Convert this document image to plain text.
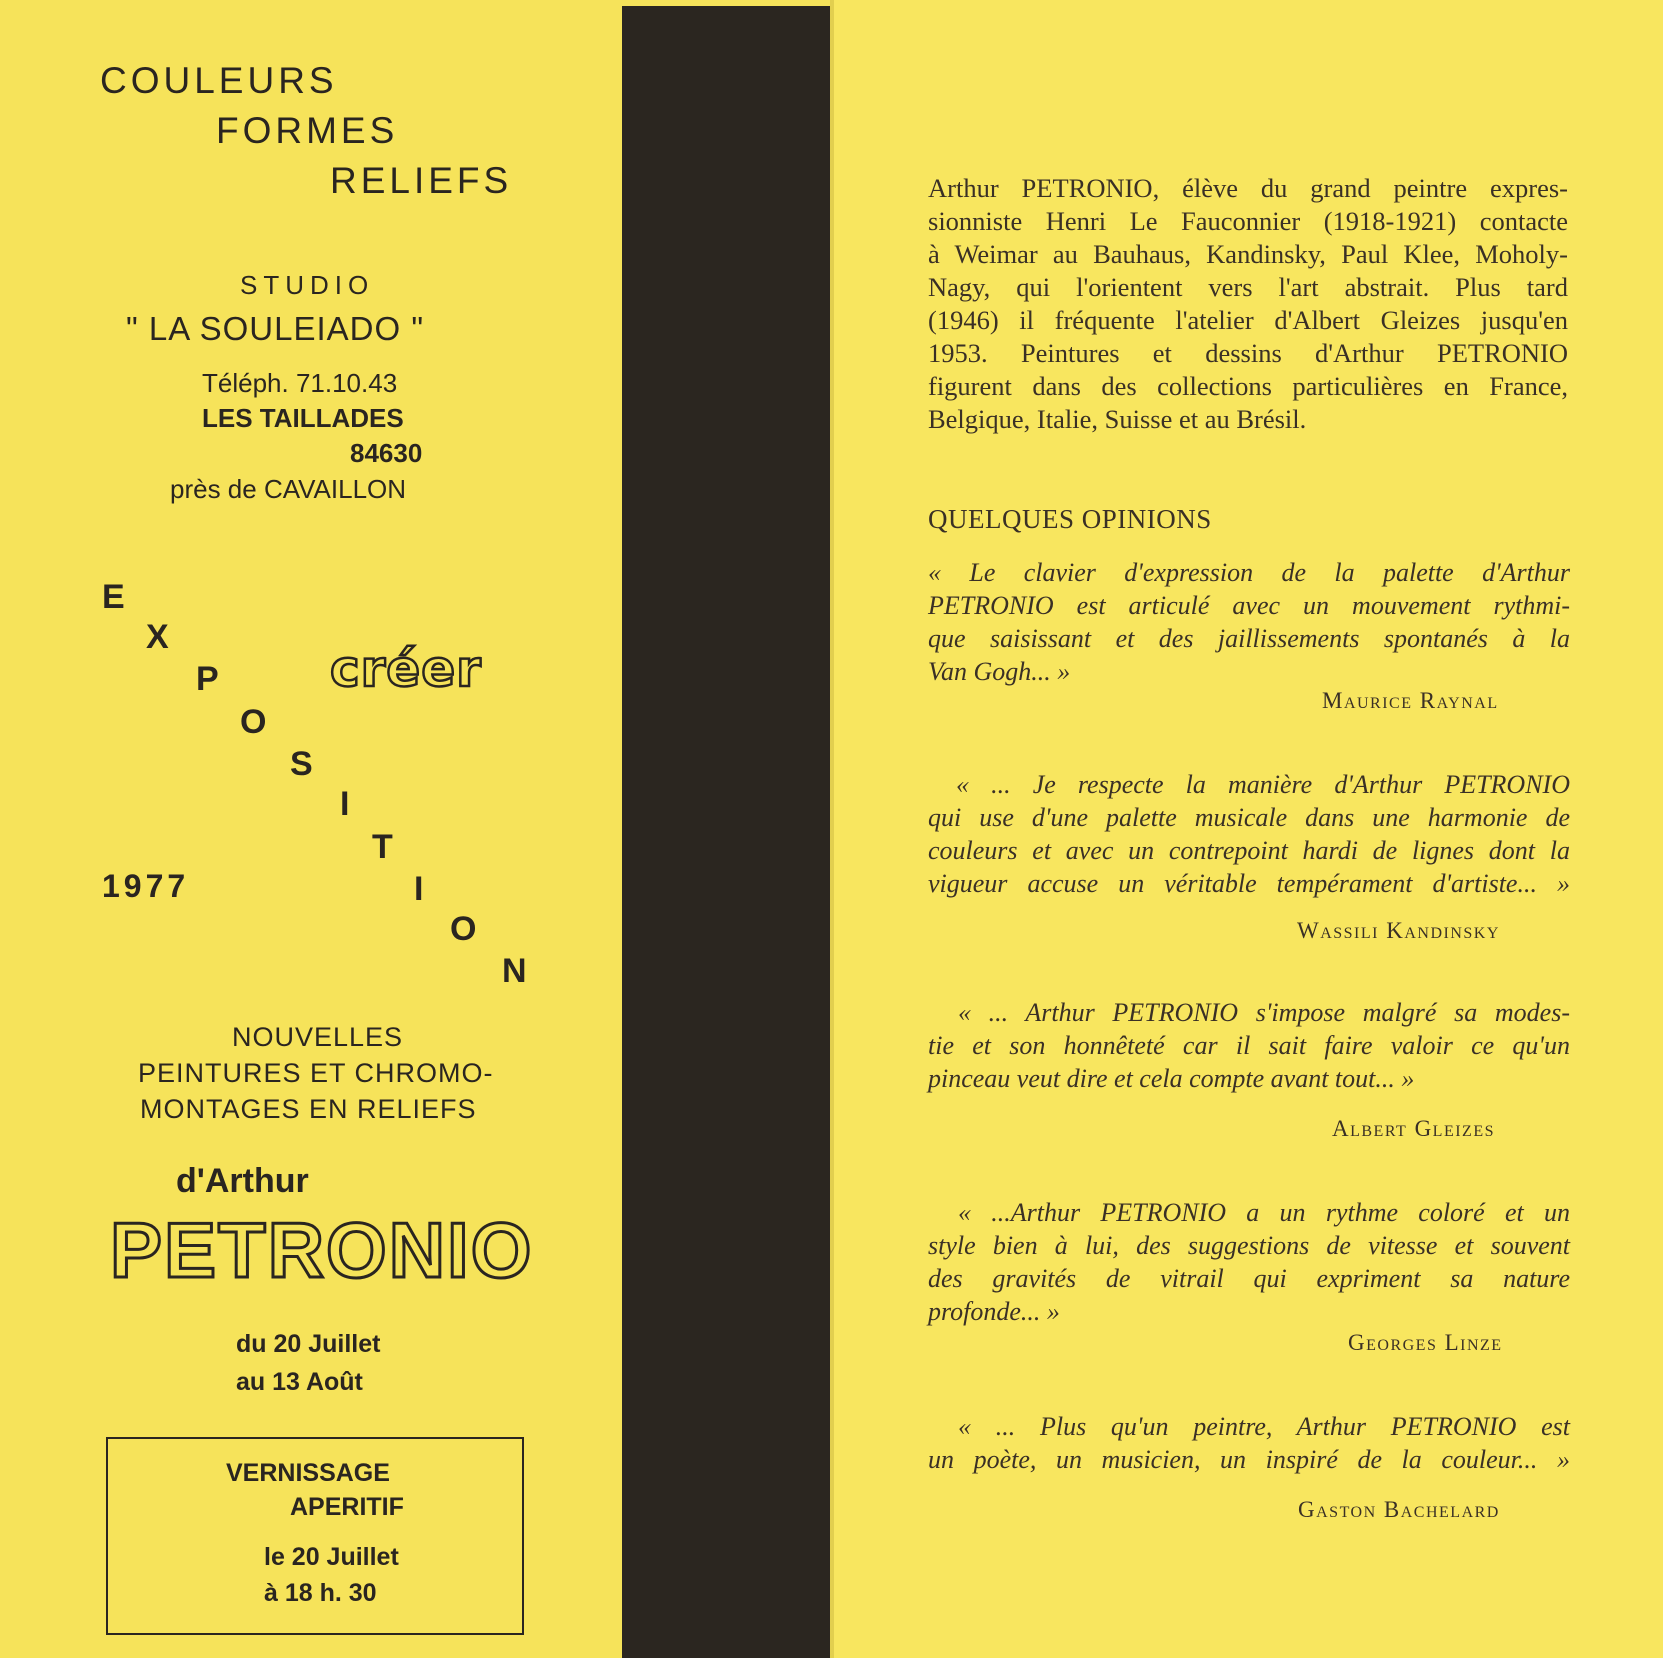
COULEURS
FORMES
RELIEFS
STUDIO
" LA SOULEIADO "
Téléph. 71.10.43
LES TAILLADES
84630
près de CAVAILLON
E
X
P
O
S
I
T
I
O
N
créer
1977
NOUVELLES
PEINTURES ET CHROMO-
MONTAGES EN RELIEFS
d'Arthur
PETRONIO
du 20 Juillet
au 13 Août
VERNISSAGE
APERITIF
le 20 Juillet
à 18 h. 30
Arthur PETRONIO, élève du grand peintre expres-
sionniste Henri Le Fauconnier (1918-1921) contacte
à Weimar au Bauhaus, Kandinsky, Paul Klee, Moholy-
Nagy, qui l'orientent vers l'art abstrait. Plus tard
(1946) il fréquente l'atelier d'Albert Gleizes jusqu'en
1953. Peintures et dessins d'Arthur PETRONIO
figurent dans des collections particulières en France,
Belgique, Italie, Suisse et au Brésil.
QUELQUES OPINIONS
« Le clavier d'expression de la palette d'Arthur
PETRONIO est articulé avec un mouvement rythmi-
que saisissant et des jaillissements spontanés à la
Van Gogh... »
Maurice Raynal
« ... Je respecte la manière d'Arthur PETRONIO
qui use d'une palette musicale dans une harmonie de
couleurs et avec un contrepoint hardi de lignes dont la
vigueur accuse un véritable tempérament d'artiste... »
Wassili Kandinsky
« ... Arthur PETRONIO s'impose malgré sa modes-
tie et son honnêteté car il sait faire valoir ce qu'un
pinceau veut dire et cela compte avant tout... »
Albert Gleizes
« ...Arthur PETRONIO a un rythme coloré et un
style bien à lui, des suggestions de vitesse et souvent
des gravités de vitrail qui expriment sa nature
profonde... »
Georges Linze
« ... Plus qu'un peintre, Arthur PETRONIO est
un poète, un musicien, un inspiré de la couleur... »
Gaston Bachelard
